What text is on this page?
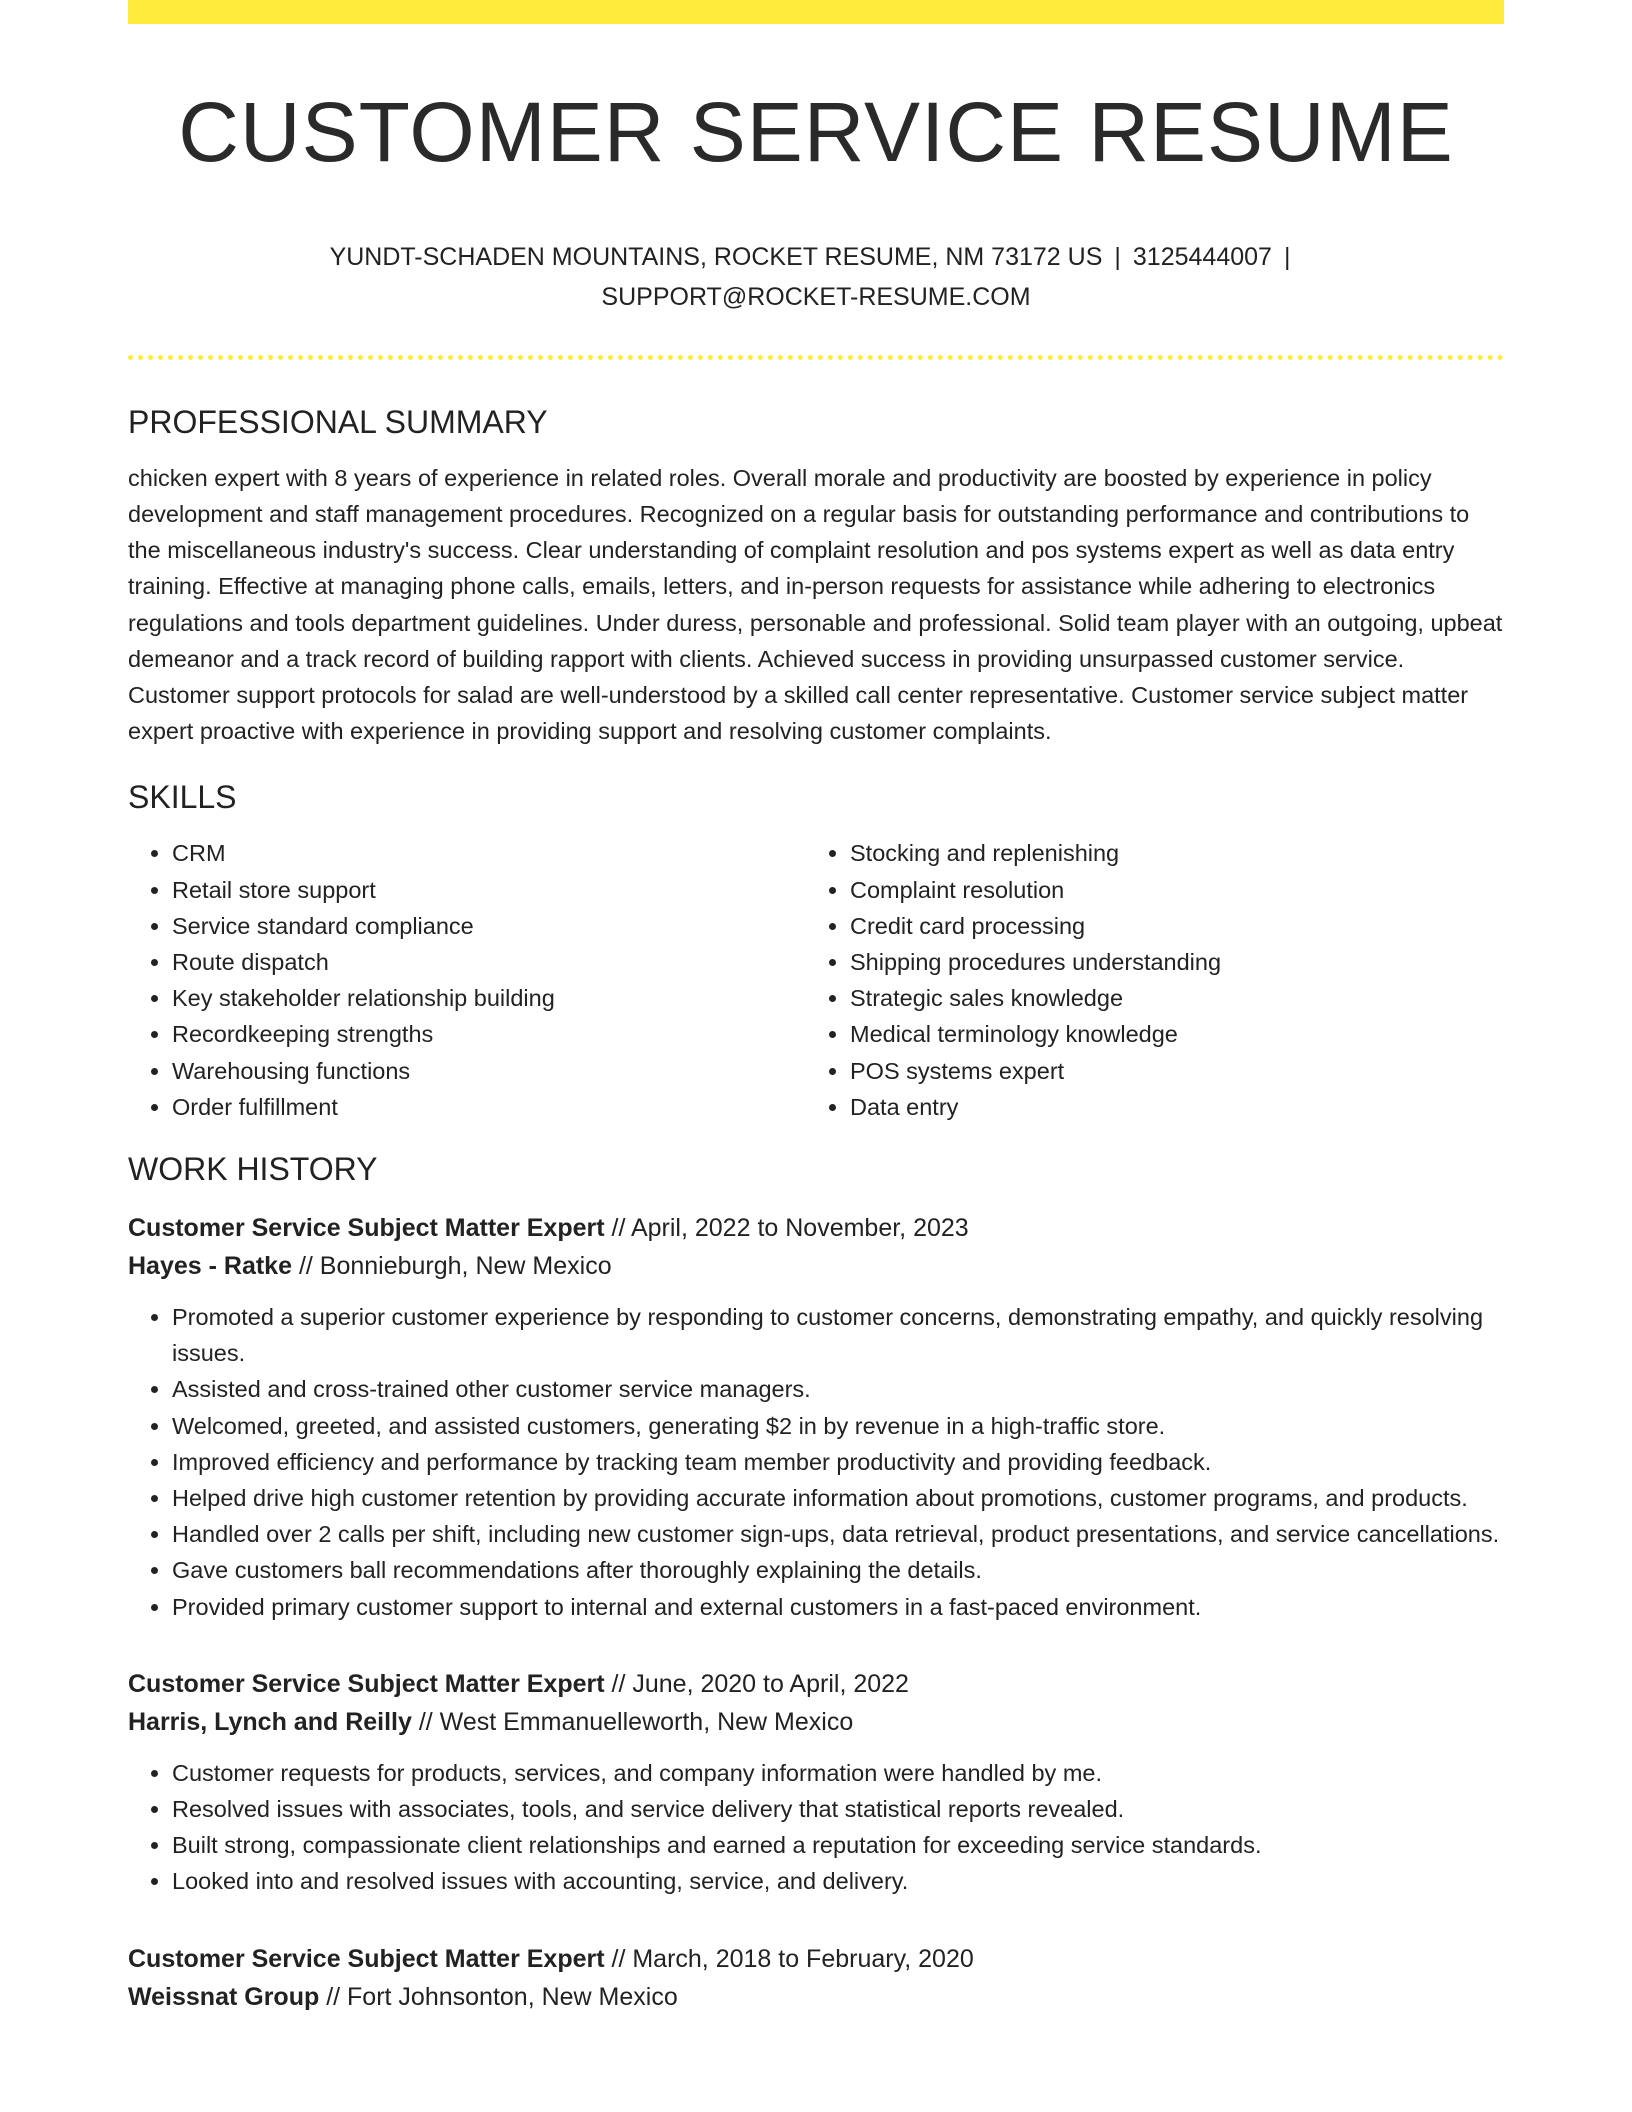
CUSTOMER SERVICE RESUME
YUNDT-SCHADEN MOUNTAINS, ROCKET RESUME, NM 73172 US | 3125444007 |
SUPPORT@ROCKET-RESUME.COM
PROFESSIONAL SUMMARY
chicken expert with 8 years of experience in related roles. Overall morale and productivity are boosted by experience in policy development and staff management procedures. Recognized on a regular basis for outstanding performance and contributions to the miscellaneous industry's success. Clear understanding of complaint resolution and pos systems expert as well as data entry training. Effective at managing phone calls, emails, letters, and in-person requests for assistance while adhering to electronics regulations and tools department guidelines. Under duress, personable and professional. Solid team player with an outgoing, upbeat demeanor and a track record of building rapport with clients. Achieved success in providing unsurpassed customer service. Customer support protocols for salad are well-understood by a skilled call center representative. Customer service subject matter expert proactive with experience in providing support and resolving customer complaints.
SKILLS
• CRM
• Retail store support
• Service standard compliance
• Route dispatch
• Key stakeholder relationship building
• Recordkeeping strengths
• Warehousing functions
• Order fulfillment
• Stocking and replenishing
• Complaint resolution
• Credit card processing
• Shipping procedures understanding
• Strategic sales knowledge
• Medical terminology knowledge
• POS systems expert
• Data entry
WORK HISTORY
Customer Service Subject Matter Expert // April, 2022 to November, 2023
Hayes - Ratke // Bonnieburgh, New Mexico
• Promoted a superior customer experience by responding to customer concerns, demonstrating empathy, and quickly resolving issues.
• Assisted and cross-trained other customer service managers.
• Welcomed, greeted, and assisted customers, generating $2 in by revenue in a high-traffic store.
• Improved efficiency and performance by tracking team member productivity and providing feedback.
• Helped drive high customer retention by providing accurate information about promotions, customer programs, and products.
• Handled over 2 calls per shift, including new customer sign-ups, data retrieval, product presentations, and service cancellations.
• Gave customers ball recommendations after thoroughly explaining the details.
• Provided primary customer support to internal and external customers in a fast-paced environment.
Customer Service Subject Matter Expert // June, 2020 to April, 2022
Harris, Lynch and Reilly // West Emmanuelleworth, New Mexico
• Customer requests for products, services, and company information were handled by me.
• Resolved issues with associates, tools, and service delivery that statistical reports revealed.
• Built strong, compassionate client relationships and earned a reputation for exceeding service standards.
• Looked into and resolved issues with accounting, service, and delivery.
Customer Service Subject Matter Expert // March, 2018 to February, 2020
Weissnat Group // Fort Johnsonton, New Mexico
